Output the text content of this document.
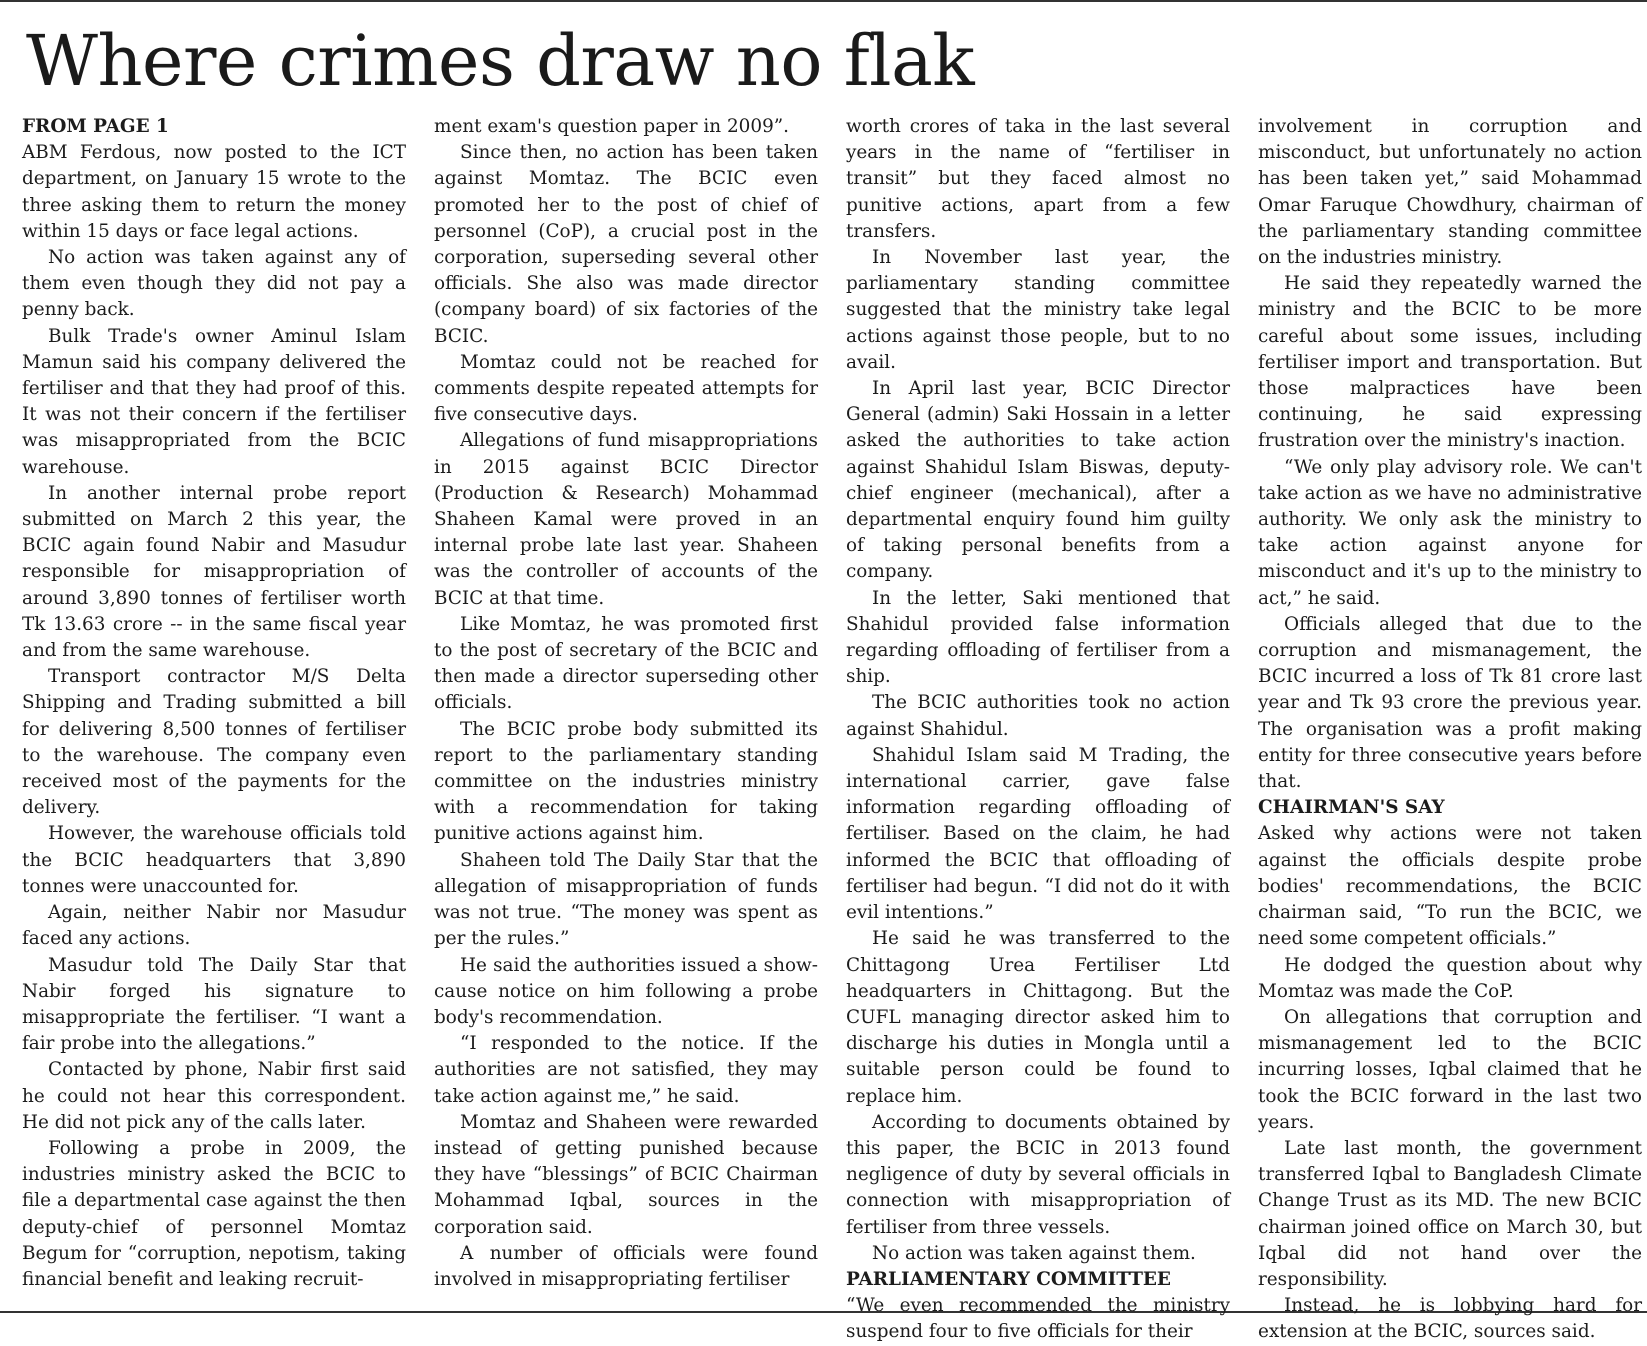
Where crimes draw no flak
FROM PAGE 1

ABM Ferdous, now posted to the ICT department, on January 15 wrote to the three asking them to return the money within 15 days or face legal actions.

No action was taken against any of them even though they did not pay a penny back.

Bulk Trade's owner Aminul Islam Mamun said his company delivered the fertiliser and that they had proof of this. It was not their concern if the fertiliser was misappropriated from the BCIC warehouse.

In another internal probe report submitted on March 2 this year, the BCIC again found Nabir and Masudur responsible for misappropriation of around 3,890 tonnes of fertiliser worth Tk 13.63 crore -- in the same fiscal year and from the same warehouse.

Transport contractor M/S Delta Shipping and Trading submitted a bill for delivering 8,500 tonnes of fertiliser to the warehouse. The company even received most of the payments for the delivery.

However, the warehouse officials told the BCIC headquarters that 3,890 tonnes were unaccounted for.

Again, neither Nabir nor Masudur faced any actions.

Masudur told The Daily Star that Nabir forged his signature to misappropriate the fertiliser. “I want a fair probe into the allegations.”

Contacted by phone, Nabir first said he could not hear this correspondent. He did not pick any of the calls later.

Following a probe in 2009, the industries ministry asked the BCIC to file a departmental case against the then deputy-chief of personnel Momtaz Begum for “corruption, nepotism, taking financial benefit and leaking recruit-

ment exam's question paper in 2009”.

Since then, no action has been taken against Momtaz. The BCIC even promoted her to the post of chief of personnel (CoP), a crucial post in the corporation, superseding several other officials. She also was made director (company board) of six factories of the BCIC.

Momtaz could not be reached for comments despite repeated attempts for five consecutive days.

Allegations of fund misappropriations in 2015 against BCIC Director (Production & Research) Mohammad Shaheen Kamal were proved in an internal probe late last year. Shaheen was the controller of accounts of the BCIC at that time.

Like Momtaz, he was promoted first to the post of secretary of the BCIC and then made a director superseding other officials.

The BCIC probe body submitted its report to the parliamentary standing committee on the industries ministry with a recommendation for taking punitive actions against him.

Shaheen told The Daily Star that the allegation of misappropriation of funds was not true. “The money was spent as per the rules.”

He said the authorities issued a show-cause notice on him following a probe body's recommendation.

“I responded to the notice. If the authorities are not satisfied, they may take action against me,” he said.

Momtaz and Shaheen were rewarded instead of getting punished because they have “blessings” of BCIC Chairman Mohammad Iqbal, sources in the corporation said.

A number of officials were found involved in misappropriating fertiliser

worth crores of taka in the last several years in the name of “fertiliser in transit” but they faced almost no punitive actions, apart from a few transfers.

In November last year, the parliamentary standing committee suggested that the ministry take legal actions against those people, but to no avail.

In April last year, BCIC Director General (admin) Saki Hossain in a letter asked the authorities to take action against Shahidul Islam Biswas, deputy-chief engineer (mechanical), after a departmental enquiry found him guilty of taking personal benefits from a company.

In the letter, Saki mentioned that Shahidul provided false information regarding offloading of fertiliser from a ship.

The BCIC authorities took no action against Shahidul.

Shahidul Islam said M Trading, the international carrier, gave false information regarding offloading of fertiliser. Based on the claim, he had informed the BCIC that offloading of fertiliser had begun. “I did not do it with evil intentions.”

He said he was transferred to the Chittagong Urea Fertiliser Ltd headquarters in Chittagong. But the CUFL managing director asked him to discharge his duties in Mongla until a suitable person could be found to replace him.

According to documents obtained by this paper, the BCIC in 2013 found negligence of duty by several officials in connection with misappropriation of fertiliser from three vessels.

No action was taken against them.

PARLIAMENTARY COMMITTEE

“We even recommended the ministry suspend four to five officials for their

involvement in corruption and misconduct, but unfortunately no action has been taken yet,” said Mohammad Omar Faruque Chowdhury, chairman of the parliamentary standing committee on the industries ministry.

He said they repeatedly warned the ministry and the BCIC to be more careful about some issues, including fertiliser import and transportation. But those malpractices have been continuing, he said expressing frustration over the ministry's inaction.

“We only play advisory role. We can't take action as we have no administrative authority. We only ask the ministry to take action against anyone for misconduct and it's up to the ministry to act,” he said.

Officials alleged that due to the corruption and mismanagement, the BCIC incurred a loss of Tk 81 crore last year and Tk 93 crore the previous year. The organisation was a profit making entity for three consecutive years before that.

CHAIRMAN'S SAY

Asked why actions were not taken against the officials despite probe bodies' recommendations, the BCIC chairman said, “To run the BCIC, we need some competent officials.”

He dodged the question about why Momtaz was made the CoP.

On allegations that corruption and mismanagement led to the BCIC incurring losses, Iqbal claimed that he took the BCIC forward in the last two years.

Late last month, the government transferred Iqbal to Bangladesh Climate Change Trust as its MD. The new BCIC chairman joined office on March 30, but Iqbal did not hand over the responsibility.

Instead, he is lobbying hard for extension at the BCIC, sources said.
